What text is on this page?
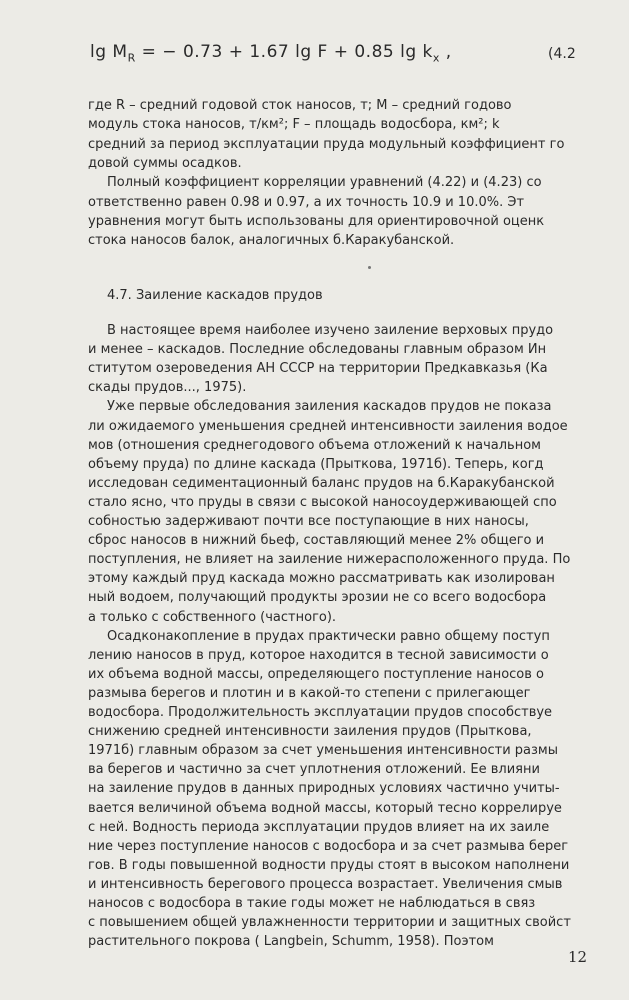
$\lg M_R$ = − 0.73 + 1.67 lg F + 0.85 $\lg k_x$ ,	(4.2
где R – средний годовой сток наносов, т; M – средний годово
модуль стока наносов, т/км²; F – площадь водосбора, км²; k
средний за период эксплуатации пруда модульный коэффициент го
довой суммы осадков.
Полный коэффициент корреляции уравнений (4.22) и (4.23) со
ответственно равен 0.98 и 0.97, а их точность 10.9 и 10.0%. Эт
уравнения могут быть использованы для ориентировочной оценк
стока наносов балок, аналогичных б.Каракубанской.
4.7. Заиление каскадов прудов
В настоящее время наиболее изучено заиление верховых прудо
и менее – каскадов. Последние обследованы главным образом Ин
ститутом озероведения АН СССР на территории Предкавказья (Ка
скады прудов..., 1975).
Уже первые обследования заиления каскадов прудов не показа
ли ожидаемого уменьшения средней интенсивности заиления водое
мов (отношения среднегодового объема отложений к начальном
объему пруда) по длине каскада (Прыткова, 1971б). Теперь, когд
исследован седиментационный баланс прудов на б.Каракубанской
стало ясно, что пруды в связи с высокой наносоудерживающей спо
собностью задерживают почти все поступающие в них наносы,
сброс наносов в нижний бьеф, составляющий менее 2% общего и
поступления, не влияет на заиление нижерасположенного пруда. По
этому каждый пруд каскада можно рассматривать как изолирован
ный водоем, получающий продукты эрозии не со всего водосбора
а только с собственного (частного).
Осадконакопление в прудах практически равно общему поступ
лению наносов в пруд, которое находится в тесной зависимости о
их объема водной массы, определяющего поступление наносов о
размыва берегов и плотин и в какой-то степени с прилегающег
водосбора. Продолжительность эксплуатации прудов способствуе
снижению средней интенсивности заиления прудов (Прыткова,
1971б) главным образом за счет уменьшения интенсивности размы
ва берегов и частично за счет уплотнения отложений. Ее влияни
на заиление прудов в данных природных условиях частично учиты-
вается величиной объема водной массы, который тесно коррелируе
с ней. Водность периода эксплуатации прудов влияет на их заиле
ние через поступление наносов с водосбора и за счет размыва берег
гов. В годы повышенной водности пруды стоят в высоком наполнени
и интенсивность берегового процесса возрастает. Увеличения смыв
наносов с водосбора в такие годы может не наблюдаться в связ
с повышением общей увлажненности территории и защитных свойст
растительного покрова ( Langbein, Schumm, 1958). Поэтом
12
